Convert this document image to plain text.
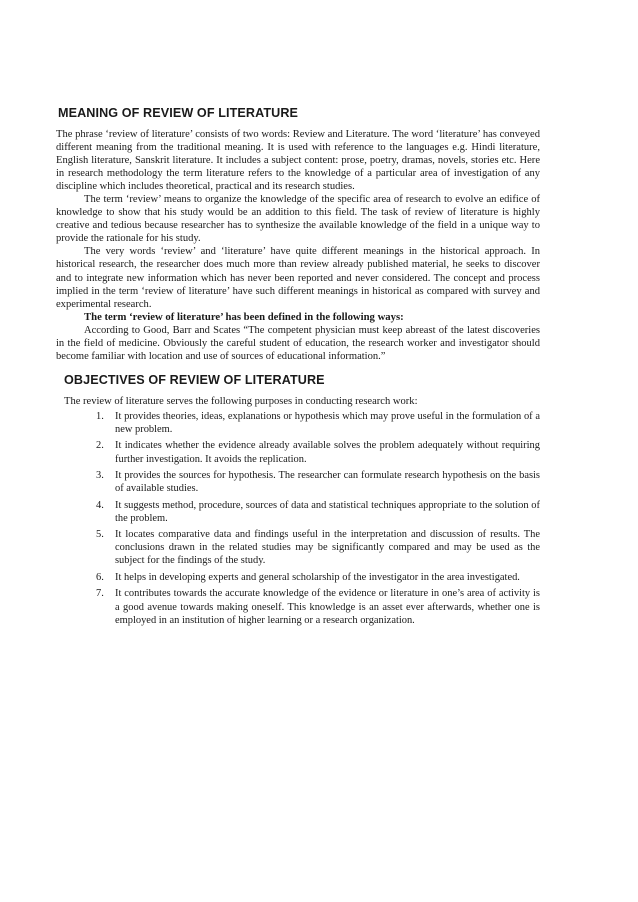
MEANING OF REVIEW OF LITERATURE

The phrase ‘review of literature’ consists of two words: Review and Literature. The word ‘literature’ has conveyed different meaning from the traditional meaning. It is used with reference to the languages e.g. Hindi literature, English literature, Sanskrit literature. It includes a subject content: prose, poetry, dramas, novels, stories etc. Here in research methodology the term literature refers to the knowledge of a particular area of investigation of any discipline which includes theoretical, practical and its research studies.

The term ‘review’ means to organize the knowledge of the specific area of research to evolve an edifice of knowledge to show that his study would be an addition to this field. The task of review of literature is highly creative and tedious because researcher has to synthesize the available knowledge of the field in a unique way to provide the rationale for his study.

The very words ‘review’ and ‘literature’ have quite different meanings in the historical approach. In historical research, the researcher does much more than review already published material, he seeks to discover and to integrate new information which has never been reported and never considered. The concept and process implied in the term ‘review of literature’ have such different meanings in historical as compared with survey and experimental research.

The term ‘review of literature’ has been defined in the following ways:

According to Good, Barr and Scates “The competent physician must keep abreast of the latest discoveries in the field of medicine. Obviously the careful student of education, the research worker and investigator should become familiar with location and use of sources of educational information.”

OBJECTIVES OF REVIEW OF LITERATURE

The review of literature serves the following purposes in conducting research work:

1.	It provides theories, ideas, explanations or hypothesis which may prove useful in the formulation of a new problem.
2.	It indicates whether the evidence already available solves the problem adequately without requiring further investigation. It avoids the replication.
3.	It provides the sources for hypothesis. The researcher can formulate research hypothesis on the basis of available studies.
4.	It suggests method, procedure, sources of data and statistical techniques appropriate to the solution of the problem.
5.	It locates comparative data and findings useful in the interpretation and discussion of results. The conclusions drawn in the related studies may be significantly compared and may be used as the subject for the findings of the study.
6.	It helps in developing experts and general scholarship of the investigator in the area investigated.
7.	It contributes towards the accurate knowledge of the evidence or literature in one’s area of activity is a good avenue towards making oneself. This knowledge is an asset ever afterwards, whether one is employed in an institution of higher learning or a research organization.
